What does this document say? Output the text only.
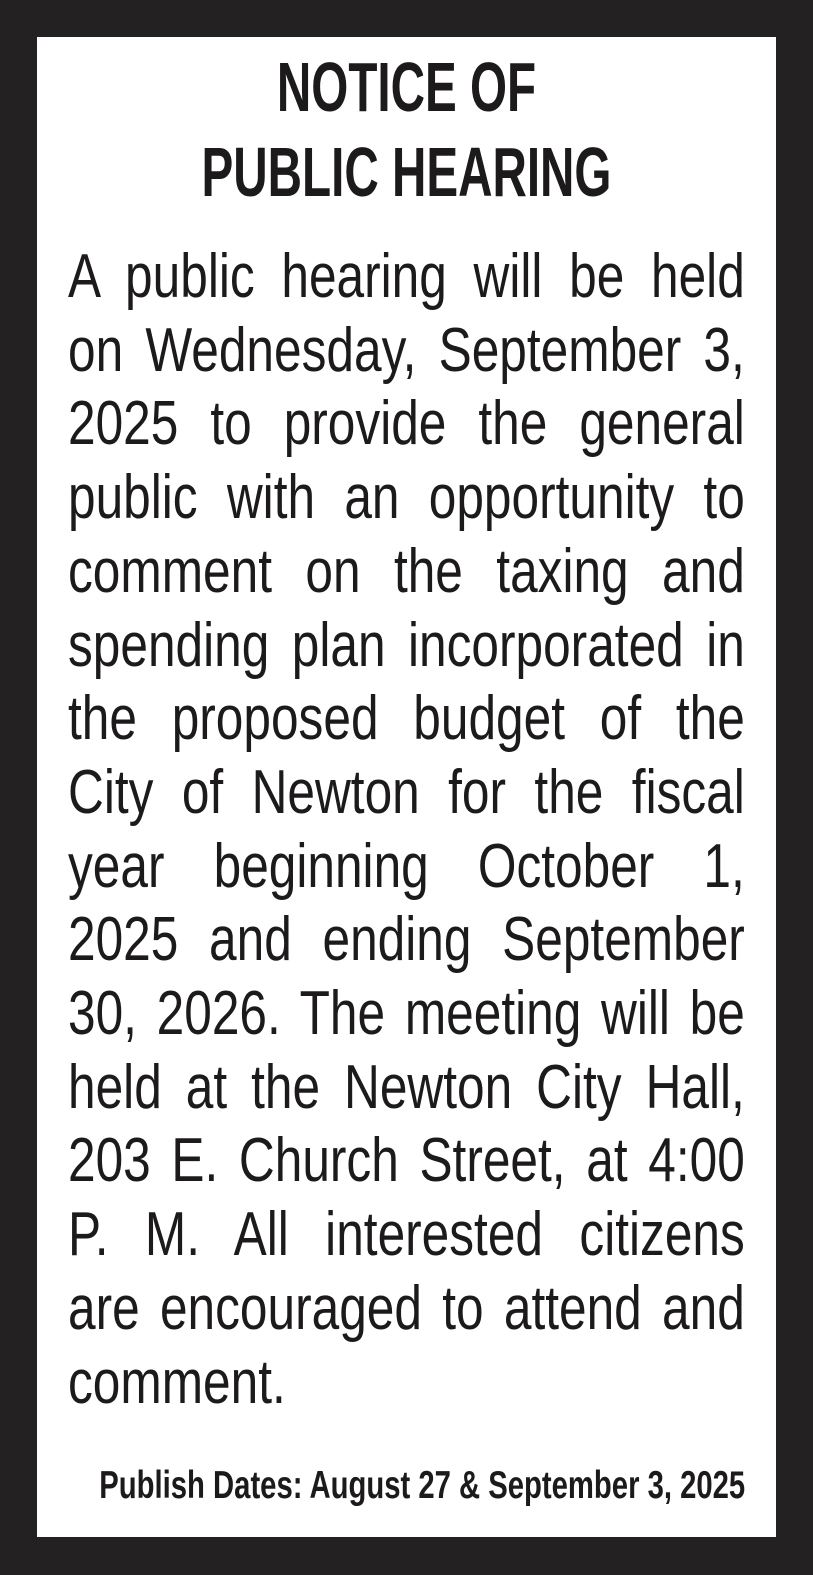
NOTICE OF
PUBLIC HEARING
A public hearing will be held
on Wednesday, September 3,
2025 to provide the general
public with an opportunity to
comment on the taxing and
spending plan incorporated in
the proposed budget of the
City of Newton for the fiscal
year beginning October 1,
2025 and ending September
30, 2026. The meeting will be
held at the Newton City Hall,
203 E. Church Street, at 4:00
P. M. All interested citizens
are encouraged to attend and
comment.
Publish Dates: August 27 & September 3, 2025
